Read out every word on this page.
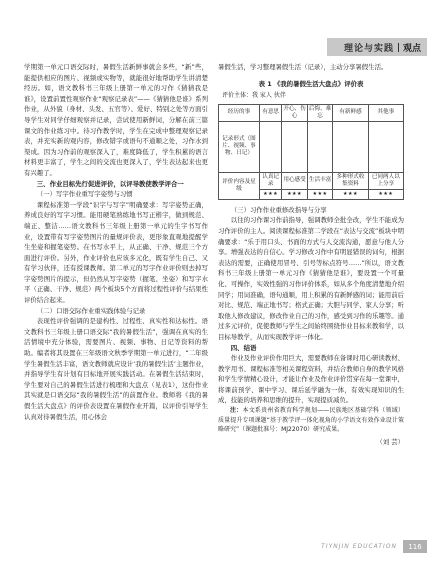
理论与实践 观点

学期第一单元口语交际时，暑假生活新鲜事就会多些，“新”些，能提供相应的图片、视频或实物等，就能很好地帮助学生讲清楚经历。如，语文教科书三年级上册第一单元的习作《猜猜我是谁》，设置前置性观察作业“观察记录表”——《猜猜他是谁》系列作业，从外貌（身材、头发、五官等）、爱好、特别之处等方面引导学生对同学仔细观察并记录，尝试使用新鲜词，分解在前三篇课文的作业练习中。待习作教学时，学生在完成中整理观察记录表，并充实新的观内容，修改错字或语句不通顺之处，习作水到渠成。因为习作前的观察深入了，难度降低了，学生积累的语言材料更丰富了，学生之间的交流也更深入了，学生表达起来也更有兴趣了。

三、作业目标先行促进评价，以评导教使教学评合一

（一）写字作业重写字姿势与习惯

课程标准第一学段“识字与写字”明确要求：写字姿势正确，养成良好的写字习惯。能用硬笔熟练地书写正楷字，做到规范、端正、整洁……语文教科书三年级上册第一单元的生字书写作业，设置带有写字姿势图片的量规评价表，更形象直观地提醒学生坐姿和握笔姿势。在书写水平上，从正确、干净、规范三个方面进行评价。另外，作业评价也应该多元化，既有学生自己、又有学习伙伴，还有授课教师。第二单元的写字作业评价则去掉写字姿势图片的提示，但仍然从写字姿势（握笔、坐姿）和写字水平（正确、干净、规范）两个板块5个方面将过程性评价与结果性评价结合起来。

（二）口语交际作业重实践体验与记录

表现性评价强调的是建构性、过程性、真实性和达标性。语文教科书三年级上册口语交际“我的暑假生活”，强调在真实的生活情境中充分体验，需要图片、视频、事物、日记等资料的帮助。编者将其设置在三年级语文秋季学期第一单元进行，“二年级学生暑假生活丰富，语文教师就应设计‘我的暑假生活’主题作业，并指导学生有计划有目标地开展实践活动。在暑假生活结束时，学生要对自己的暑假生活进行梳理和大盘点（见表1），这份作业其实就是口语交际“我的暑假生活”的前置作业。教师将《我的暑假生活大盘点》的评价表设置在暑假作业开篇，以评价引导学生认真对待暑假生活，用心体会

暑假生活，学习整理暑假生活（记录），主动分享暑假生活。

表 1 《我的暑假生活大盘点》评价表
评价主体：我 家人 伙伴
经历的事	有意思	开心、伤心	后悔、难忘	有新鲜感	其他事
记录形式（图片、视频、事物、日记）					
评价内容及星级	认真记录	用心感受	生活丰富	多种形式收集资料	已同两人以上分享
	★★★	★★★	★★★	★★★	★★★

（三）习作作业重修改指导与分享

以往的习作课习作前指导，强调教师全批全改，学生不能成为习作评价的主人。阅读课程标准第二学段在“表达与交流”板块中明确要求：“乐于用口头、书面的方式与人交流沟通，愿意与他人分享。增强表达的自信心。学习修改习作中有明显错误的词句，根据表达的需要，正确使用冒号、引号等标点符号……”所以，语文教科书三年级上册第一单元习作《猜猜他是谁》，要设置一个可量化、可操作，实效性强的习作评价体系，如从多个角度清楚地介绍同学；用词准确，语句通顺，用上积累的有新鲜感的词；能用前后对比、规范、端正地书写；格式正确；大胆与同学、家人分享；听取他人修改建议，修改作业自己的习作，感受到习作的乐趣等。通过多元评价，促使教师与学生之间始终围绕作业目标来教和学，以目标导教学，从而实现教学评一体化。

四、结语

作业及作业评价作用巨大，需要教师在备课时用心研读教材、教学用书、课程标准等相关课程资料，并结合教师自身的教学风格和学生学情精心设计，才能让作业及作业评价贯穿在每一堂课中，将课前预学、课中学习、课后延学融为一体，有效实现知识的生成，技能的培养和思维的提升，实现提质减负。

注：本文系贵州省教育科学规划——民族地区基础学科（领域）质量提升专项课题“基于教学评一体化视角的小学语文有效作业设计策略研究”（课题批准号：MJ22070）研究成果。

（刘 芸）
TIYNJIN EDUCATION	116
